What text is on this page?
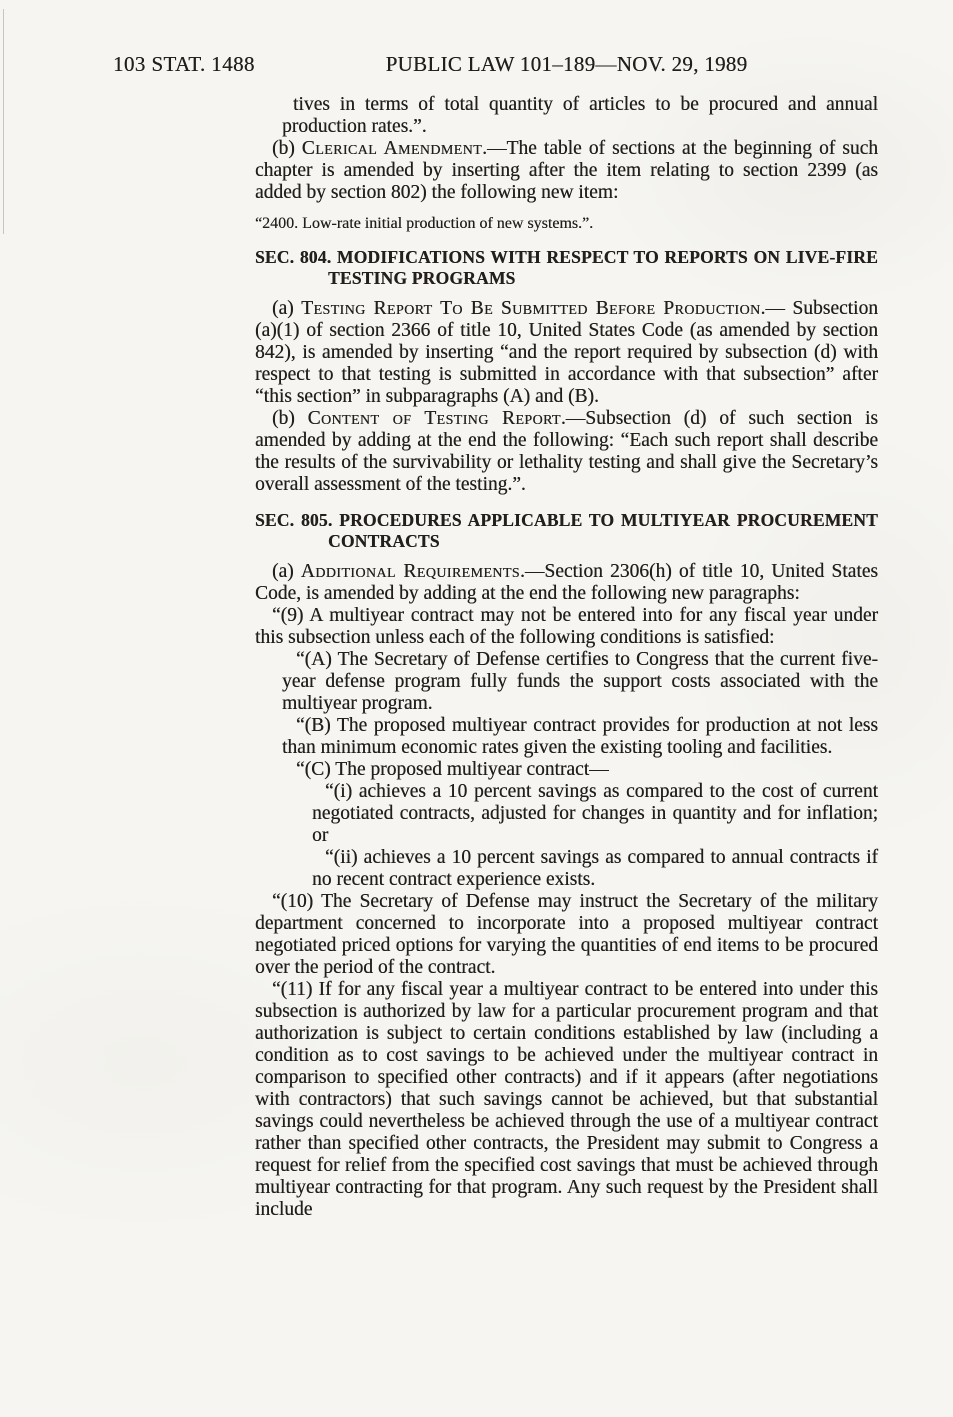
103 STAT. 1488	PUBLIC LAW 101–189—NOV. 29, 1989

tives in terms of total quantity of articles to be procured and annual production rates.”.

(b) Clerical Amendment.—The table of sections at the beginning of such chapter is amended by inserting after the item relating to section 2399 (as added by section 802) the following new item:

“2400. Low-rate initial production of new systems.”.

SEC. 804. MODIFICATIONS WITH RESPECT TO REPORTS ON LIVE-FIRE TESTING PROGRAMS

(a) Testing Report To Be Submitted Before Production.— Subsection (a)(1) of section 2366 of title 10, United States Code (as amended by section 842), is amended by inserting “and the report required by subsection (d) with respect to that testing is submitted in accordance with that subsection” after “this section” in subparagraphs (A) and (B).

(b) Content of Testing Report.—Subsection (d) of such section is amended by adding at the end the following: “Each such report shall describe the results of the survivability or lethality testing and shall give the Secretary’s overall assessment of the testing.”.

SEC. 805. PROCEDURES APPLICABLE TO MULTIYEAR PROCUREMENT CONTRACTS

(a) Additional Requirements.—Section 2306(h) of title 10, United States Code, is amended by adding at the end the following new paragraphs:

“(9) A multiyear contract may not be entered into for any fiscal year under this subsection unless each of the following conditions is satisfied:

“(A) The Secretary of Defense certifies to Congress that the current five-year defense program fully funds the support costs associated with the multiyear program.

“(B) The proposed multiyear contract provides for production at not less than minimum economic rates given the existing tooling and facilities.

“(C) The proposed multiyear contract—

“(i) achieves a 10 percent savings as compared to the cost of current negotiated contracts, adjusted for changes in quantity and for inflation; or

“(ii) achieves a 10 percent savings as compared to annual contracts if no recent contract experience exists.

“(10) The Secretary of Defense may instruct the Secretary of the military department concerned to incorporate into a proposed multiyear contract negotiated priced options for varying the quantities of end items to be procured over the period of the contract.

“(11) If for any fiscal year a multiyear contract to be entered into under this subsection is authorized by law for a particular procurement program and that authorization is subject to certain conditions established by law (including a condition as to cost savings to be achieved under the multiyear contract in comparison to specified other contracts) and if it appears (after negotiations with contractors) that such savings cannot be achieved, but that substantial savings could nevertheless be achieved through the use of a multiyear contract rather than specified other contracts, the President may submit to Congress a request for relief from the specified cost savings that must be achieved through multiyear contracting for that program. Any such request by the President shall include
